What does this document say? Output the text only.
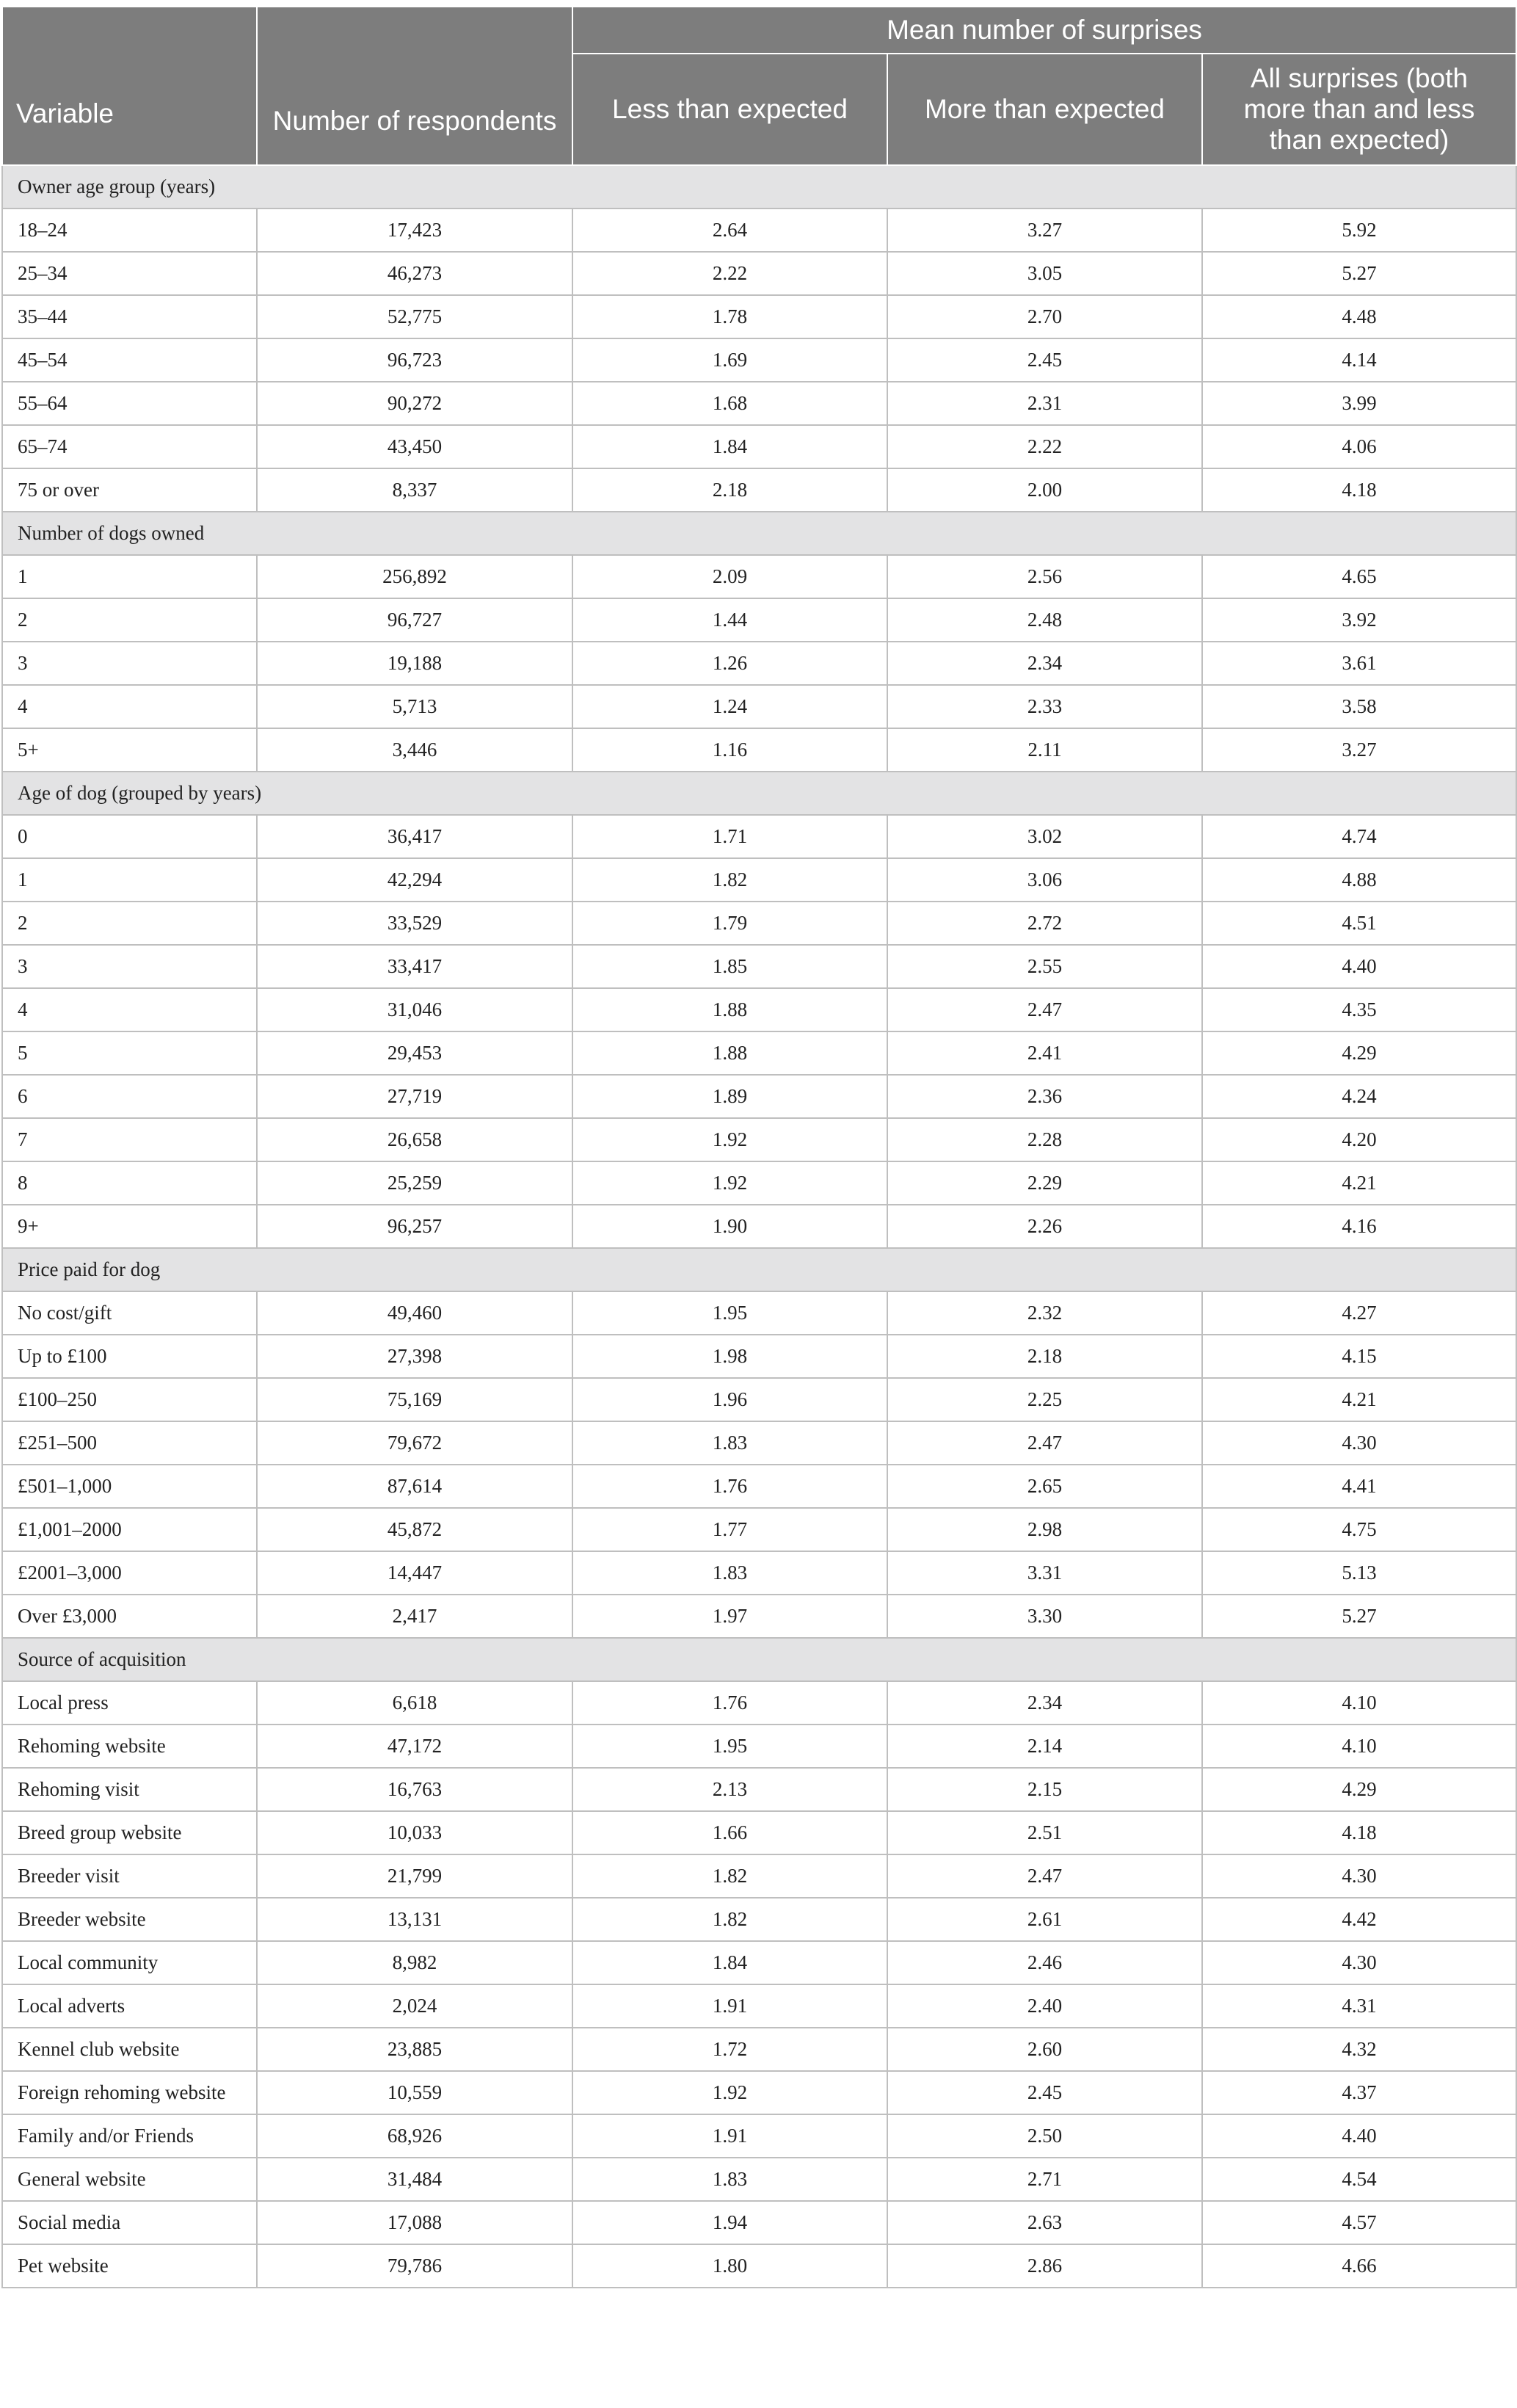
Variable	Number of respondents	Mean number of surprises		
		Less than expected	More than expected	All surprises (both more than and less than expected)
Owner age group (years)				
18–24	17,423	2.64	3.27	5.92
25–34	46,273	2.22	3.05	5.27
35–44	52,775	1.78	2.70	4.48
45–54	96,723	1.69	2.45	4.14
55–64	90,272	1.68	2.31	3.99
65–74	43,450	1.84	2.22	4.06
75 or over	8,337	2.18	2.00	4.18
Number of dogs owned				
1	256,892	2.09	2.56	4.65
2	96,727	1.44	2.48	3.92
3	19,188	1.26	2.34	3.61
4	5,713	1.24	2.33	3.58
5+	3,446	1.16	2.11	3.27
Age of dog (grouped by years)				
0	36,417	1.71	3.02	4.74
1	42,294	1.82	3.06	4.88
2	33,529	1.79	2.72	4.51
3	33,417	1.85	2.55	4.40
4	31,046	1.88	2.47	4.35
5	29,453	1.88	2.41	4.29
6	27,719	1.89	2.36	4.24
7	26,658	1.92	2.28	4.20
8	25,259	1.92	2.29	4.21
9+	96,257	1.90	2.26	4.16
Price paid for dog				
No cost/gift	49,460	1.95	2.32	4.27
Up to £100	27,398	1.98	2.18	4.15
£100–250	75,169	1.96	2.25	4.21
£251–500	79,672	1.83	2.47	4.30
£501–1,000	87,614	1.76	2.65	4.41
£1,001–2000	45,872	1.77	2.98	4.75
£2001–3,000	14,447	1.83	3.31	5.13
Over £3,000	2,417	1.97	3.30	5.27
Source of acquisition				
Local press	6,618	1.76	2.34	4.10
Rehoming website	47,172	1.95	2.14	4.10
Rehoming visit	16,763	2.13	2.15	4.29
Breed group website	10,033	1.66	2.51	4.18
Breeder visit	21,799	1.82	2.47	4.30
Breeder website	13,131	1.82	2.61	4.42
Local community	8,982	1.84	2.46	4.30
Local adverts	2,024	1.91	2.40	4.31
Kennel club website	23,885	1.72	2.60	4.32
Foreign rehoming website	10,559	1.92	2.45	4.37
Family and/or Friends	68,926	1.91	2.50	4.40
General website	31,484	1.83	2.71	4.54
Social media	17,088	1.94	2.63	4.57
Pet website	79,786	1.80	2.86	4.66
